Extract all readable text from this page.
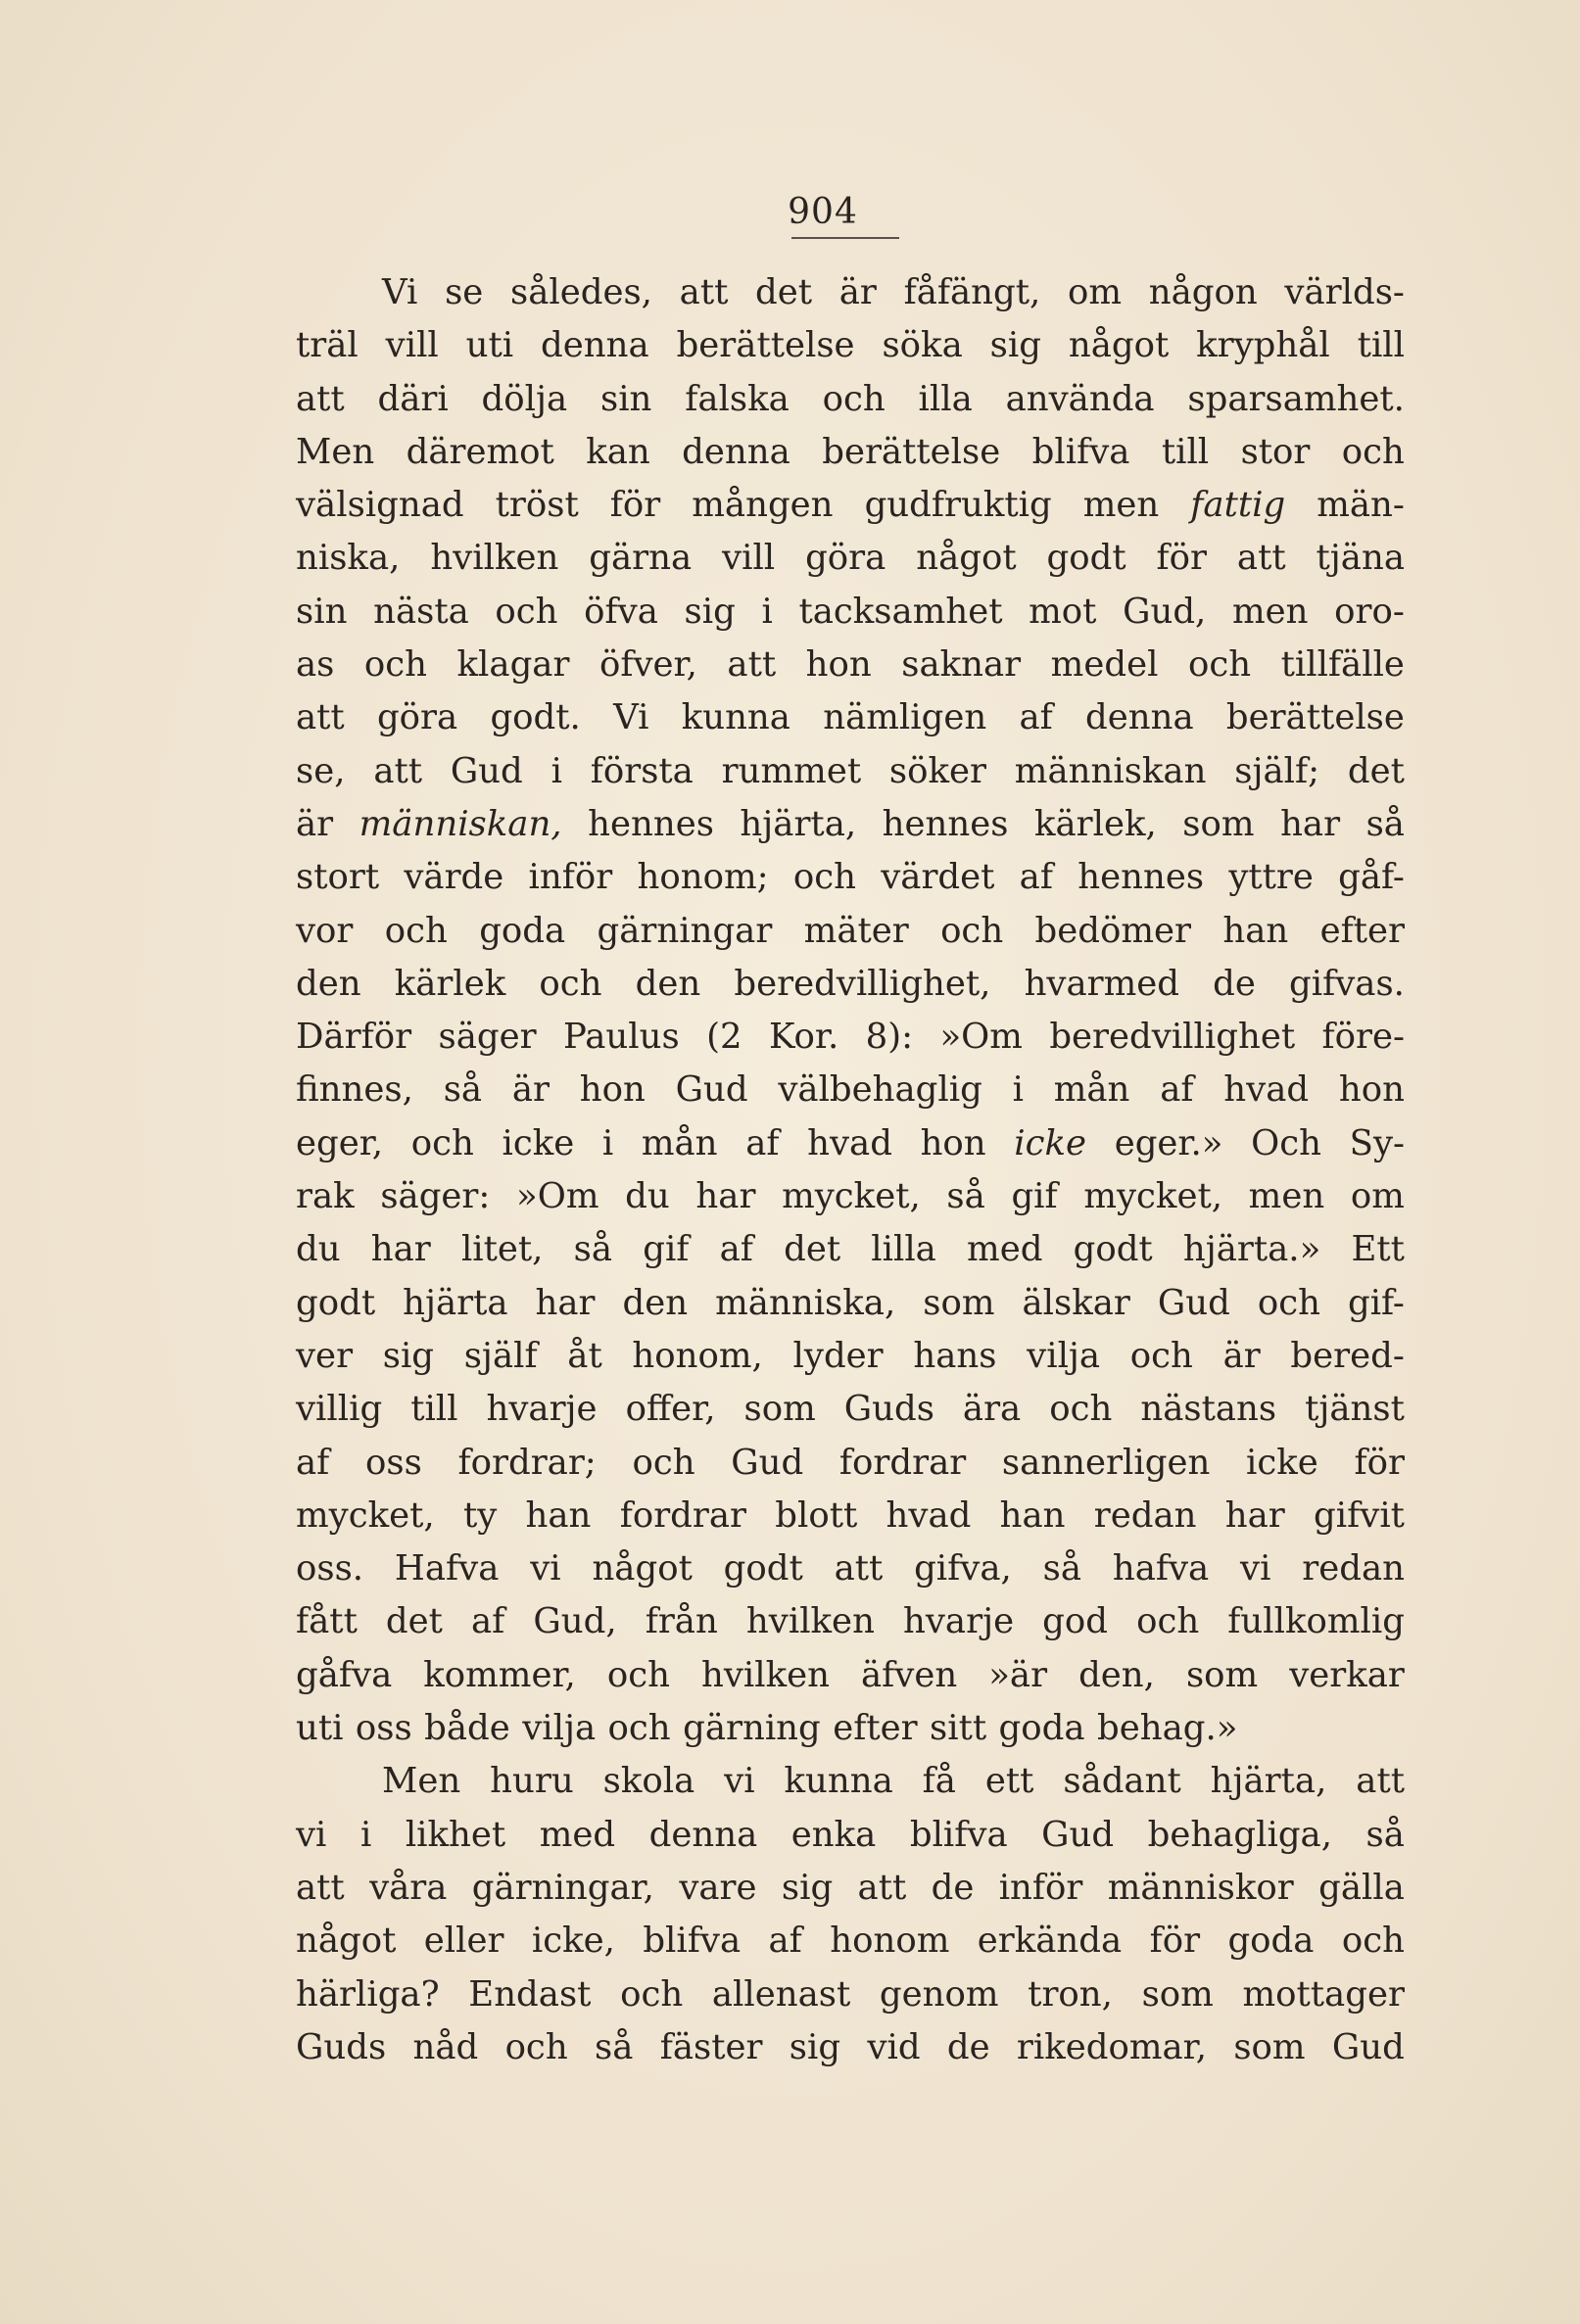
904
Vi se således, att det är fåfängt, om någon världs-
träl vill uti denna berättelse söka sig något kryphål till
att däri dölja sin falska och illa använda sparsamhet.
Men däremot kan denna berättelse blifva till stor och
välsignad tröst för mången gudfruktig men fattig män-
niska, hvilken gärna vill göra något godt för att tjäna
sin nästa och öfva sig i tacksamhet mot Gud, men oro-
as och klagar öfver, att hon saknar medel och tillfälle
att göra godt. Vi kunna nämligen af denna berättelse
se, att Gud i första rummet söker människan själf; det
är människan, hennes hjärta, hennes kärlek, som har så
stort värde inför honom; och värdet af hennes yttre gåf-
vor och goda gärningar mäter och bedömer han efter
den kärlek och den beredvillighet, hvarmed de gifvas.
Därför säger Paulus (2 Kor. 8): »Om beredvillighet före-
finnes, så är hon Gud välbehaglig i mån af hvad hon
eger, och icke i mån af hvad hon icke eger.» Och Sy-
rak säger: »Om du har mycket, så gif mycket, men om
du har litet, så gif af det lilla med godt hjärta.» Ett
godt hjärta har den människa, som älskar Gud och gif-
ver sig själf åt honom, lyder hans vilja och är bered-
villig till hvarje offer, som Guds ära och nästans tjänst
af oss fordrar; och Gud fordrar sannerligen icke för
mycket, ty han fordrar blott hvad han redan har gifvit
oss. Hafva vi något godt att gifva, så hafva vi redan
fått det af Gud, från hvilken hvarje god och fullkomlig
gåfva kommer, och hvilken äfven »är den, som verkar
uti oss både vilja och gärning efter sitt goda behag.»
Men huru skola vi kunna få ett sådant hjärta, att
vi i likhet med denna enka blifva Gud behagliga, så
att våra gärningar, vare sig att de inför människor gälla
något eller icke, blifva af honom erkända för goda och
härliga? Endast och allenast genom tron, som mottager
Guds nåd och så fäster sig vid de rikedomar, som Gud
